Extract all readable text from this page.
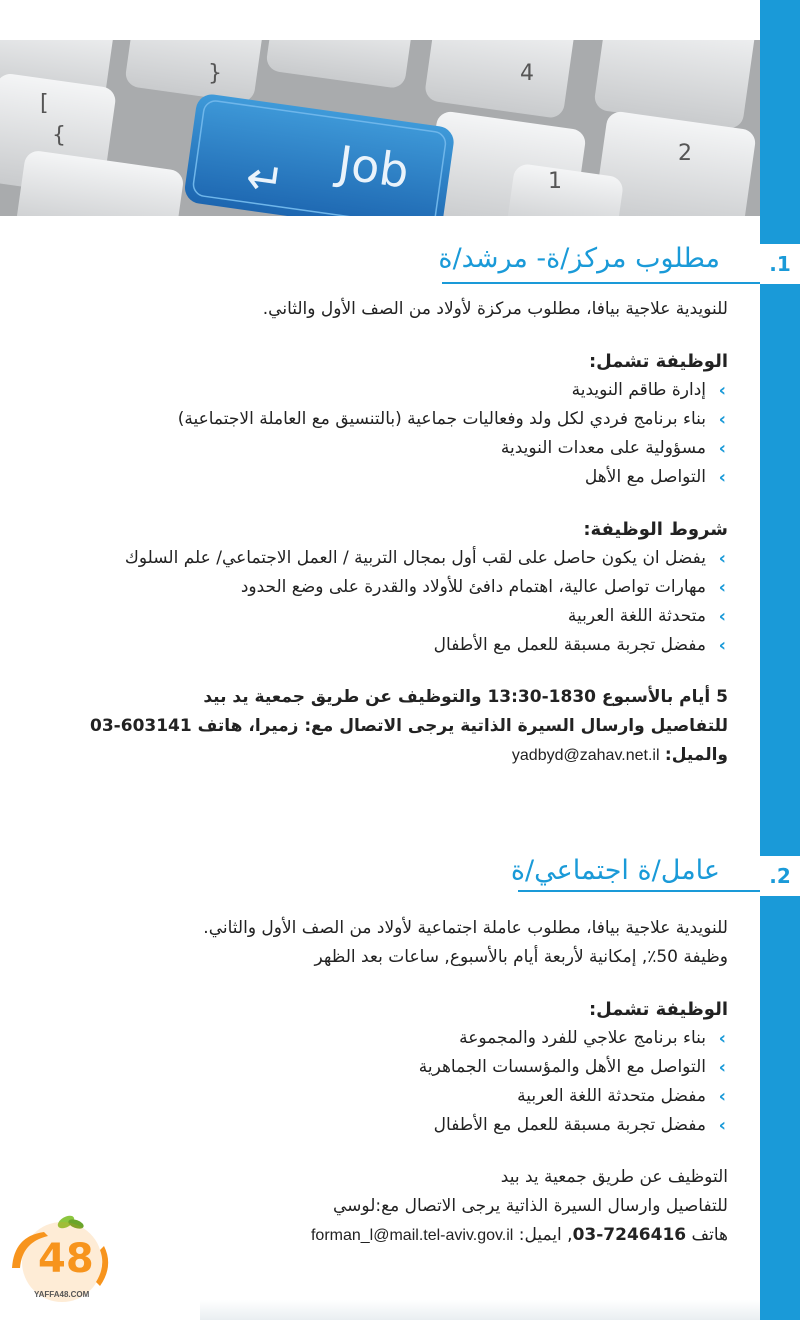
4
2
1
[
{
}
↵ Job
.1
مطلوب مركز/ة- مرشد/ة

للنويدية علاجية بيافا، مطلوب مركزة لأولاد من الصف الأول والثاني.

الوظيفة تشمل:

›
إدارة طاقم النويدية
›
بناء برنامج فردي لكل ولد وفعاليات جماعية (بالتنسيق مع العاملة الاجتماعية)
›
مسؤولية على معدات النويدية
›
التواصل مع الأهل

شروط الوظيفة:

›
يفضل ان يكون حاصل على لقب أول بمجال التربية / العمل الاجتماعي/ علم السلوك
›
مهارات تواصل عالية، اهتمام دافئ للأولاد والقدرة على وضع الحدود
›
متحدثة اللغة العربية
›
مفضل تجربة مسبقة للعمل مع الأطفال

5 أيام بالأسبوع 1830-13:30 والتوظيف عن طريق جمعية يد بيد

للتفاصيل وارسال السيرة الذاتية يرجى الاتصال مع: زميرا، هاتف 603141-03

والميل: yadbyd@zahav.net.il

.2
عامل/ة اجتماعي/ة

للنويدية علاجية بيافا، مطلوب عاملة اجتماعية لأولاد من الصف الأول والثاني.

وظيفة 50٪, إمكانية لأربعة أيام بالأسبوع, ساعات بعد الظهر

الوظيفة تشمل:

›
بناء برنامج علاجي للفرد والمجموعة
›
التواصل مع الأهل والمؤسسات الجماهرية
›
مفضل متحدثة اللغة العربية
›
مفضل تجربة مسبقة للعمل مع الأطفال

التوظيف عن طريق جمعية يد بيد

للتفاصيل وارسال السيرة الذاتية يرجى الاتصال مع:لوسي

هاتف 03-7246416, ايميل: forman_l@mail.tel-aviv.gov.il

48
YAFFA48.COM
